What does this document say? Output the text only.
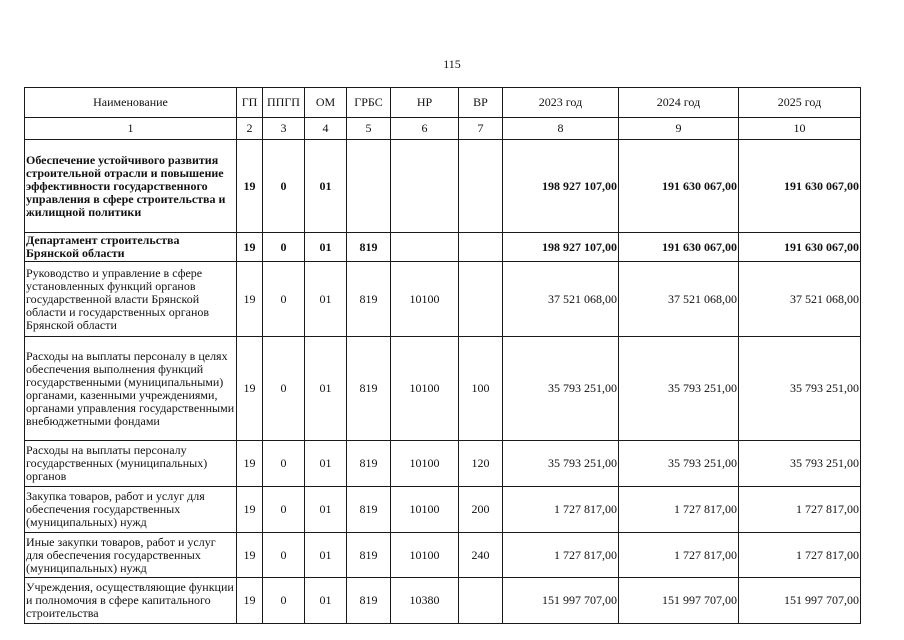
115
Наименование	ГП	ППГП	ОМ	ГРБС	НР	ВР	2023 год	2024 год	2025 год
1	2	3	4	5	6	7	8	9	10
Обеспечение устойчивого развития строительной отрасли и повышение эффективности государственного управления в сфере строительства и жилищной политики	19	0	01				198 927 107,00	191 630 067,00	191 630 067,00
Департамент строительства Брянской области	19	0	01	819			198 927 107,00	191 630 067,00	191 630 067,00
Руководство и управление в сфере установленных функций органов государственной власти Брянской области и государственных органов Брянской области	19	0	01	819	10100		37 521 068,00	37 521 068,00	37 521 068,00
Расходы на выплаты персоналу в целях обеспечения выполнения функций государственными (муниципальными) органами, казенными учреждениями, органами управления государственными внебюджетными фондами	19	0	01	819	10100	100	35 793 251,00	35 793 251,00	35 793 251,00
Расходы на выплаты персоналу государственных (муниципальных) органов	19	0	01	819	10100	120	35 793 251,00	35 793 251,00	35 793 251,00
Закупка товаров, работ и услуг для обеспечения государственных (муниципальных) нужд	19	0	01	819	10100	200	1 727 817,00	1 727 817,00	1 727 817,00
Иные закупки товаров, работ и услуг для обеспечения государственных (муниципальных) нужд	19	0	01	819	10100	240	1 727 817,00	1 727 817,00	1 727 817,00
Учреждения, осуществляющие функции и полномочия в сфере капитального строительства	19	0	01	819	10380		151 997 707,00	151 997 707,00	151 997 707,00
